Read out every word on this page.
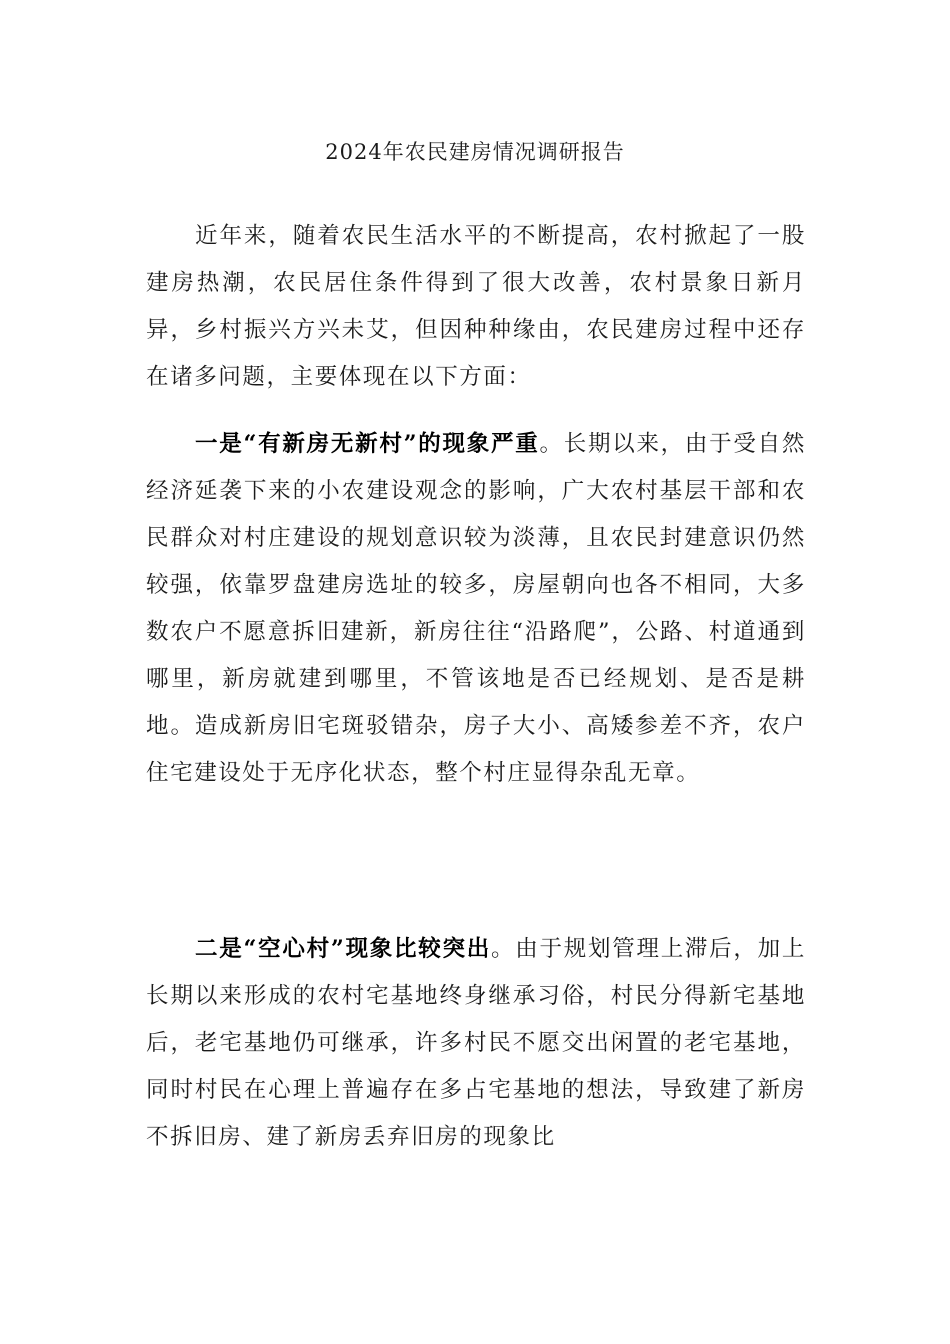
2024年农民建房情况调研报告

近年来，随着农民生活水平的不断提高，农村掀起了一股建房热潮，农民居住条件得到了很大改善，农村景象日新月异，乡村振兴方兴未艾，但因种种缘由，农民建房过程中还存在诸多问题，主要体现在以下方面：

一是“有新房无新村”的现象严重。长期以来，由于受自然经济延袭下来的小农建设观念的影响，广大农村基层干部和农民群众对村庄建设的规划意识较为淡薄，且农民封建意识仍然较强，依靠罗盘建房选址的较多，房屋朝向也各不相同，大多数农户不愿意拆旧建新，新房往往“沿路爬”，公路、村道通到哪里，新房就建到哪里，不管该地是否已经规划、是否是耕地。造成新房旧宅斑驳错杂，房子大小、高矮参差不齐，农户住宅建设处于无序化状态，整个村庄显得杂乱无章。

二是“空心村”现象比较突出。由于规划管理上滞后，加上长期以来形成的农村宅基地终身继承习俗，村民分得新宅基地后，老宅基地仍可继承，许多村民不愿交出闲置的老宅基地，同时村民在心理上普遍存在多占宅基地的想法，导致建了新房不拆旧房、建了新房丢弃旧房的现象比
